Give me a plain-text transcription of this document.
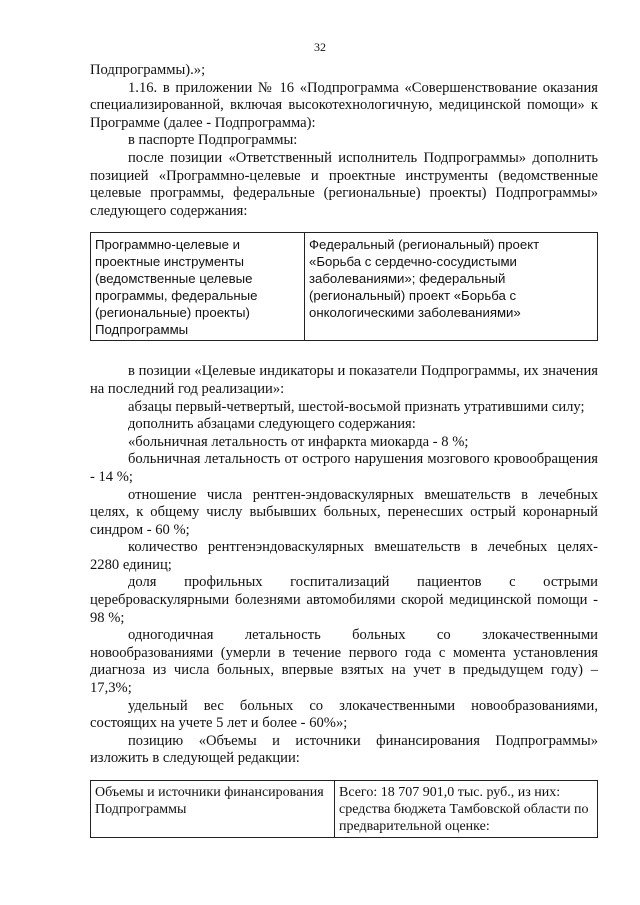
32

Подпрограммы).»;

1.16. в приложении № 16 «Подпрограмма «Совершенствование оказания специализированной, включая высокотехнологичную, медицинской помощи» к Программе (далее - Подпрограмма):

в паспорте Подпрограммы:

после позиции «Ответственный исполнитель Подпрограммы» дополнить позицией «Программно-целевые и проектные инструменты (ведомственные целевые программы, федеральные (региональные) проекты) Подпрограммы» следующего содержания:

Программно-целевые и проектные инструменты (ведомственные целевые программы, федеральные (региональные) проекты) Подпрограммы	Федеральный (региональный) проект «Борьба с сердечно-сосудистыми заболеваниями»; федеральный (региональный) проект «Борьба с онкологическими заболеваниями»

в позиции «Целевые индикаторы и показатели Подпрограммы, их значения на последний год реализации»:

абзацы первый-четвертый, шестой-восьмой признать утратившими силу;

дополнить абзацами следующего содержания:

«больничная летальность от инфаркта миокарда - 8 %;

больничная летальность от острого нарушения мозгового кровообращения - 14 %;

отношение числа рентген-эндоваскулярных вмешательств в лечебных целях, к общему числу выбывших больных, перенесших острый коронарный синдром - 60 %;

количество рентгенэндоваскулярных вмешательств в лечебных целях- 2280 единиц;

доля профильных госпитализаций пациентов с острыми цереброваскулярными болезнями автомобилями скорой медицинской помощи - 98 %;

одногодичная летальность больных со злокачественными новообразованиями (умерли в течение первого года с момента установления диагноза из числа больных, впервые взятых на учет в предыдущем году) – 17,3%;

удельный вес больных со злокачественными новообразованиями, состоящих на учете 5 лет и более - 60%»;

позицию «Объемы и источники финансирования Подпрограммы» изложить в следующей редакции:

Объемы и источники финансирования Подпрограммы	Всего: 18 707 901,0 тыс. руб., из них: средства бюджета Тамбовской области по предварительной оценке:
